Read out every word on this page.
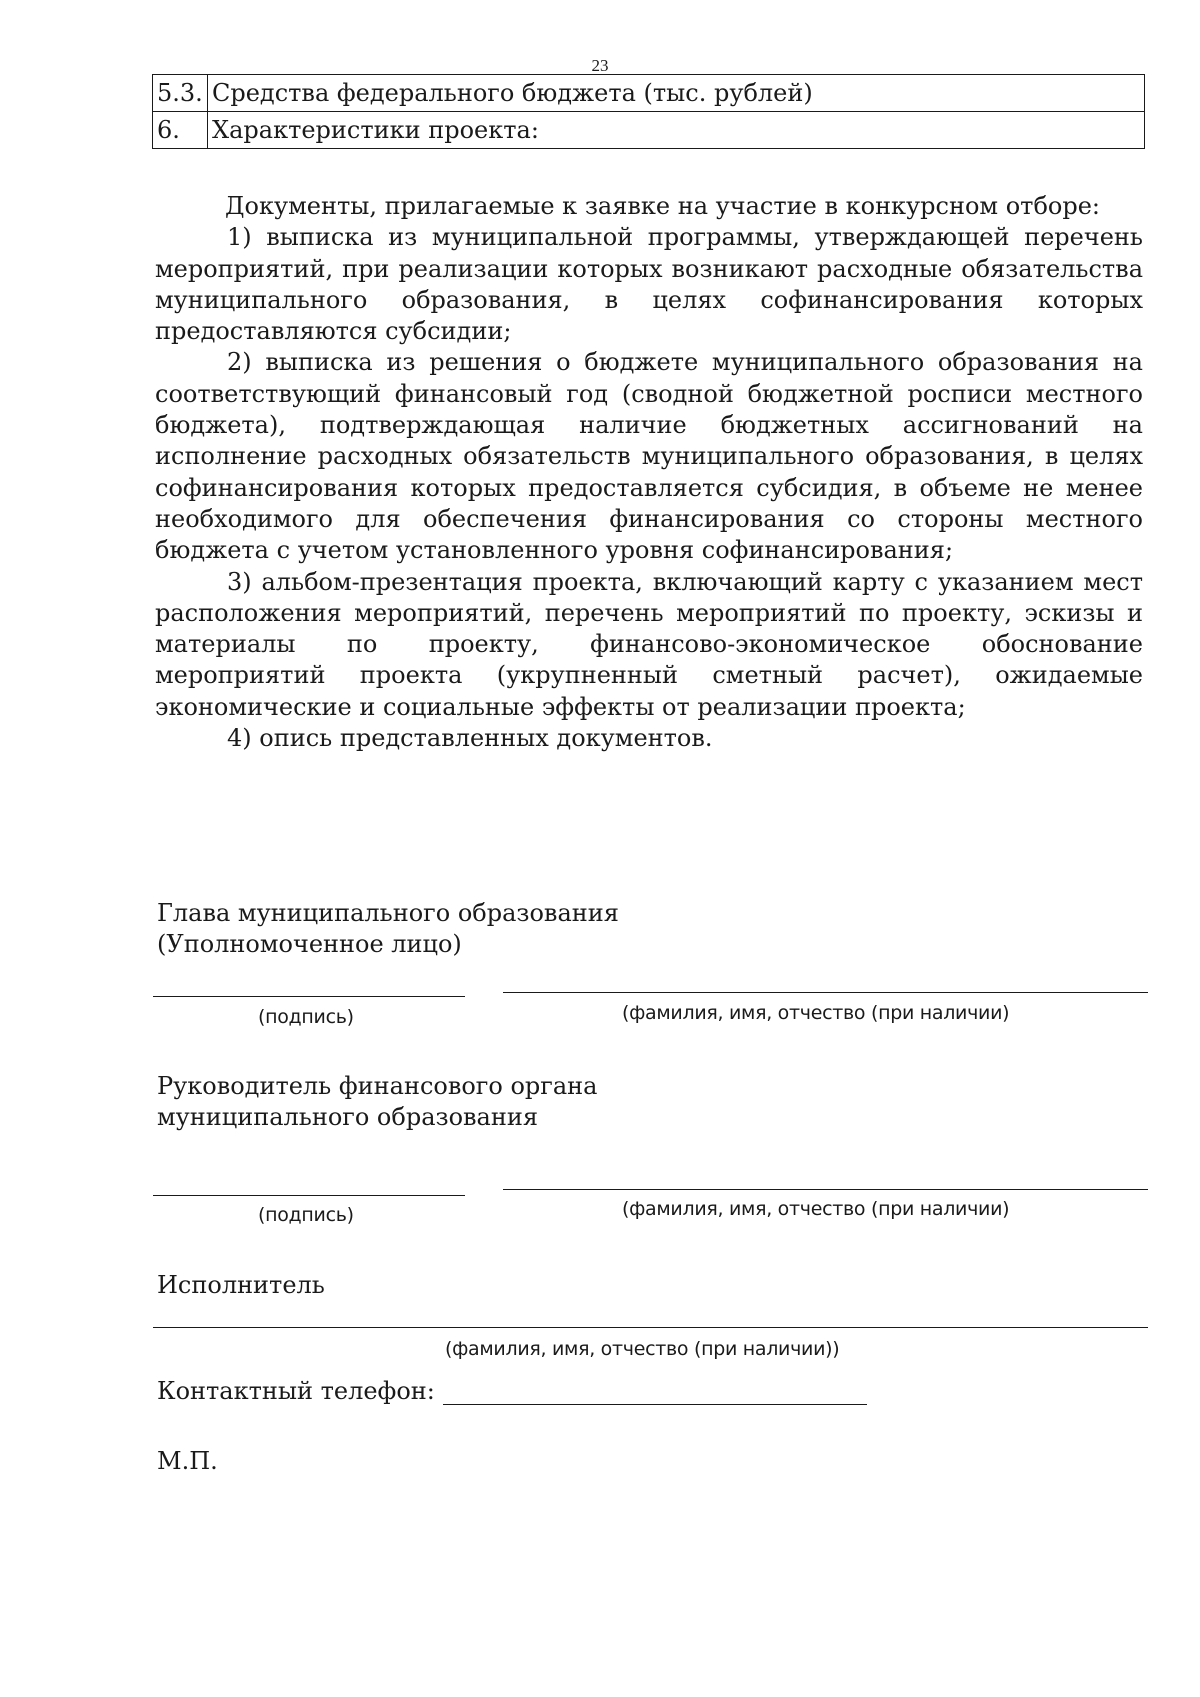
23
5.3.	Средства федерального бюджета (тыс. рублей)
6.	Характеристики проекта:

Документы, прилагаемые к заявке на участие в конкурсном отборе:

1) выписка из муниципальной программы, утверждающей перечень мероприятий, при реализации которых возникают расходные обязательства муниципального образования, в целях софинансирования которых предоставляются субсидии;

2) выписка из решения о бюджете муниципального образования на соответствующий финансовый год (сводной бюджетной росписи местного бюджета), подтверждающая наличие бюджетных ассигнований на исполнение расходных обязательств муниципального образования, в целях софинансирования которых предоставляется субсидия, в объеме не менее необходимого для обеспечения финансирования со стороны местного бюджета с учетом установленного уровня софинансирования;

3) альбом-презентация проекта, включающий карту с указанием мест расположения мероприятий, перечень мероприятий по проекту, эскизы и материалы по проекту, финансово-экономическое обоснование мероприятий проекта (укрупненный сметный расчет), ожидаемые экономические и социальные эффекты от реализации проекта;

4) опись представленных документов.

Глава муниципального образования
(Уполномоченное лицо)
(подпись)	(фамилия, имя, отчество (при наличии)
Руководитель финансового органа
муниципального образования
(подпись)	(фамилия, имя, отчество (при наличии)
Исполнитель
(фамилия, имя, отчество (при наличии))
Контактный телефон:
М.П.
